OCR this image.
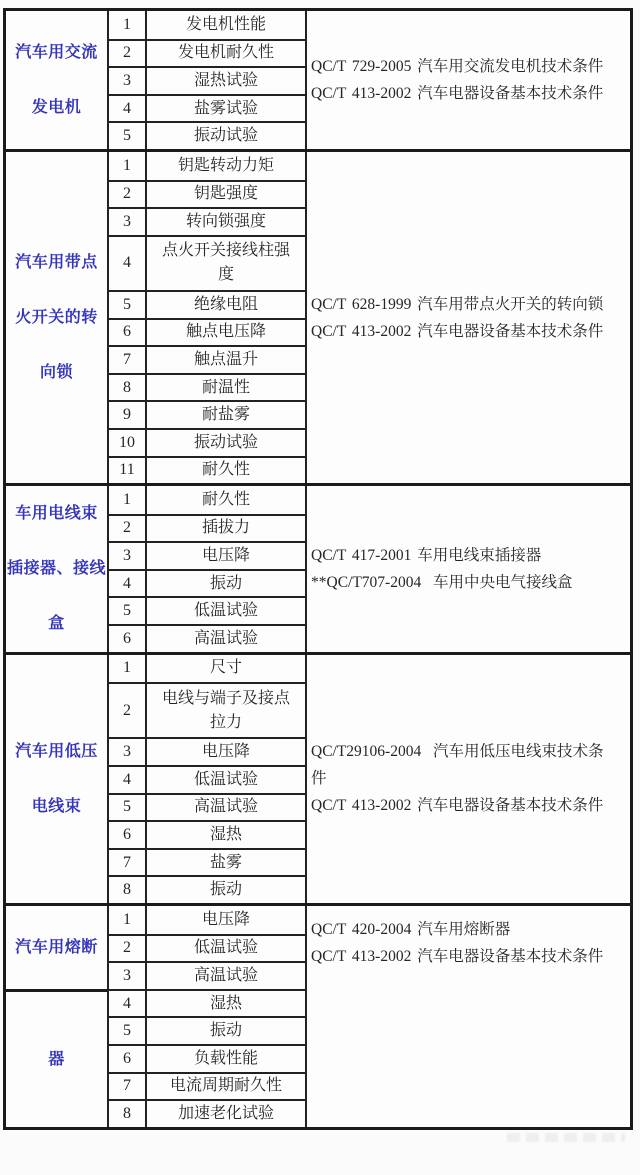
汽车用交流
发电机
1	发电机性能
2	发电机耐久性
3	湿热试验
4	盐雾试验
5	振动试验
QC/T 729-2005 汽车用交流发电机技术条件
QC/T 413-2002 汽车电器设备基本技术条件
汽车用带点
火开关的转
向锁
1	钥匙转动力矩
2	钥匙强度
3	转向锁强度
4
点火开关接线柱强
度
5	绝缘电阻
6	触点电压降
7	触点温升
8	耐温性
9	耐盐雾
10	振动试验
11	耐久性
QC/T 628-1999 汽车用带点火开关的转向锁
QC/T 413-2002 汽车电器设备基本技术条件
车用电线束
插接器、接线
盒
1	耐久性
2	插拔力
3	电压降
4	振动
5	低温试验
6	高温试验
QC/T 417-2001 车用电线束插接器
**QC/T707-2004  车用中央电气接线盒
汽车用低压
电线束
1	尺寸
2
电线与端子及接点
拉力
3	电压降
4	低温试验
5	高温试验
6	湿热
7	盐雾
8	振动
QC/T29106-2004  汽车用低压电线束技术条
件
QC/T 413-2002 汽车电器设备基本技术条件
汽车用熔断
器
1	电压降
2	低温试验
3	高温试验
4	湿热
5	振动
6	负载性能
7	电流周期耐久性
8	加速老化试验
QC/T 420-2004 汽车用熔断器
QC/T 413-2002 汽车电器设备基本技术条件
